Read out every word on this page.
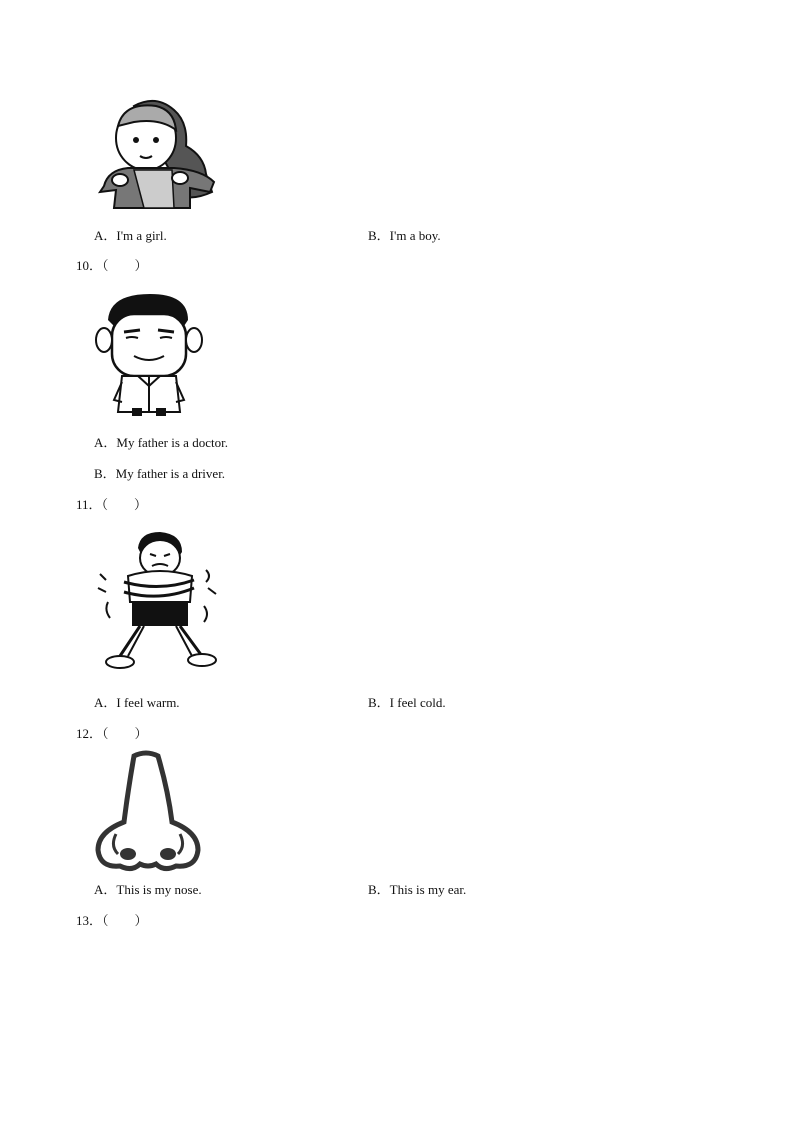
A．I'm a girl.	B．I'm a boy.
10．（　　）
A．My father is a doctor.
B．My father is a driver.
11．（　　）
A．I feel warm.	B．I feel cold.
12．（　　）
A．This is my nose.	B．This is my ear.
13．（　　）
